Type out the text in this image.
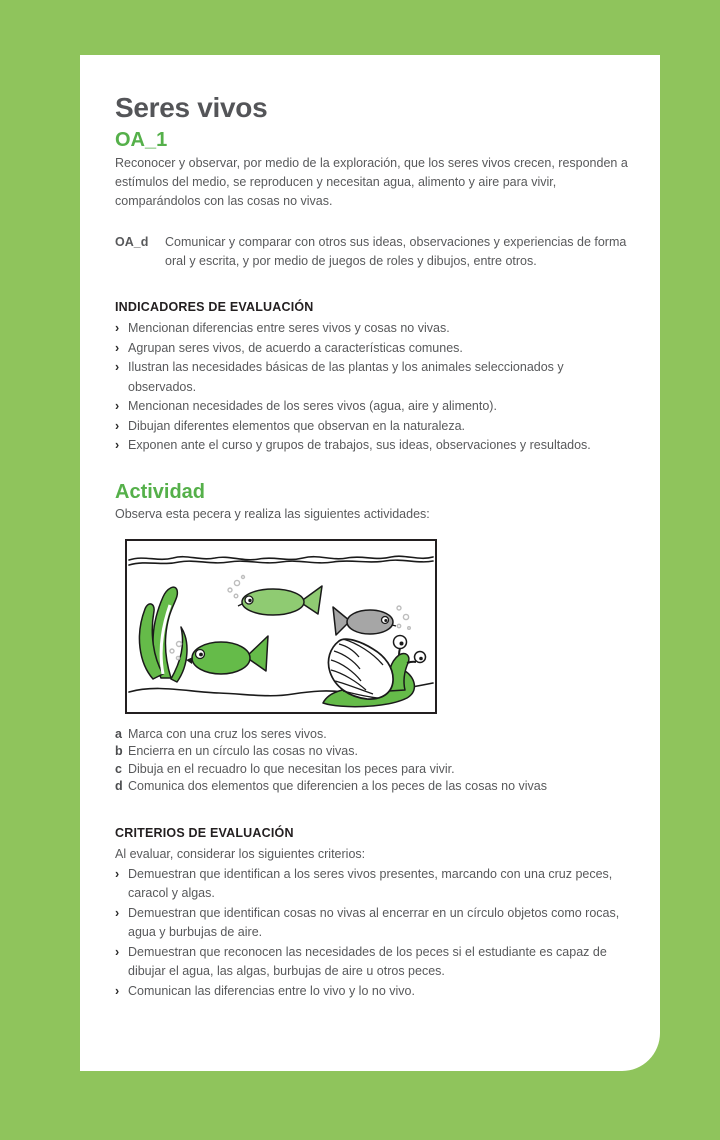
Seres vivos
OA_1

Reconocer y observar, por medio de la exploración, que los seres vivos crecen, responden a estímulos del medio, se reproducen y necesitan agua, alimento y aire para vivir, comparándolos con las cosas no vivas.

OA_d	Comunicar y comparar con otros sus ideas, observaciones y experiencias de forma oral y escrita, y por medio de juegos de roles y dibujos, entre otros.
INDICADORES DE EVALUACIÓN
› Mencionan diferencias entre seres vivos y cosas no vivas.
› Agrupan seres vivos, de acuerdo a características comunes.
› Ilustran las necesidades básicas de las plantas y los animales seleccionados y observados.
› Mencionan necesidades de los seres vivos (agua, aire y alimento).
› Dibujan diferentes elementos que observan en la naturaleza.
› Exponen ante el curso y grupos de trabajos, sus ideas, observaciones y resultados.
Actividad

Observa esta pecera y realiza las siguientes actividades:

a Marca con una cruz los seres vivos.
b Encierra en un círculo las cosas no vivas.
c Dibuja en el recuadro lo que necesitan los peces para vivir.
d Comunica dos elementos que diferencien a los peces de las cosas no vivas
CRITERIOS DE EVALUACIÓN

Al evaluar, considerar los siguientes criterios:

› Demuestran que identifican a los seres vivos presentes, marcando con una cruz peces, caracol y algas.
› Demuestran que identifican cosas no vivas al encerrar en un círculo objetos como rocas, agua y burbujas de aire.
› Demuestran que reconocen las necesidades de los peces si el estudiante es capaz de dibujar el agua, las algas, burbujas de aire u otros peces.
› Comunican las diferencias entre lo vivo y lo no vivo.
